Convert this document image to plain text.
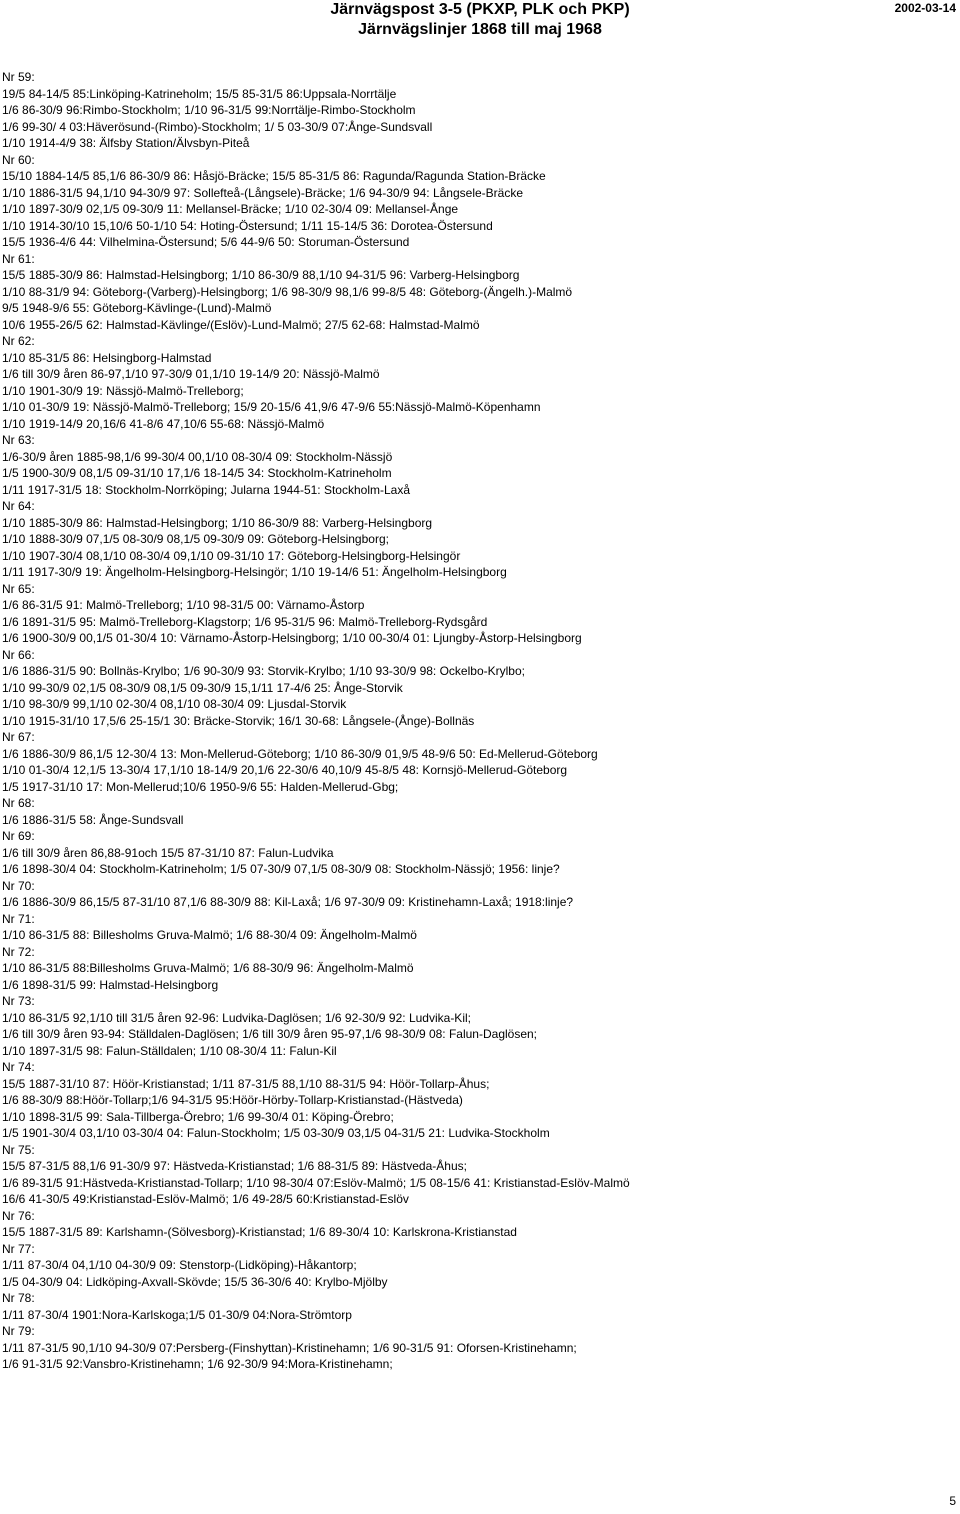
Järnvägspost 3-5 (PKXP, PLK och PKP)
Järnvägslinjer 1868 till maj 1968
2002-03-14
Nr 59:
19/5 84-14/5 85:Linköping-Katrineholm; 15/5 85-31/5 86:Uppsala-Norrtälje
1/6 86-30/9 96:Rimbo-Stockholm; 1/10 96-31/5 99:Norrtälje-Rimbo-Stockholm
1/6 99-30/ 4 03:Häverösund-(Rimbo)-Stockholm; 1/ 5 03-30/9 07:Ånge-Sundsvall
1/10 1914-4/9 38: Älfsby Station/Älvsbyn-Piteå
Nr 60:
15/10 1884-14/5 85,1/6 86-30/9 86: Håsjö-Bräcke; 15/5 85-31/5 86: Ragunda/Ragunda Station-Bräcke
1/10 1886-31/5 94,1/10 94-30/9 97: Sollefteå-(Långsele)-Bräcke; 1/6 94-30/9 94: Långsele-Bräcke
1/10 1897-30/9 02,1/5 09-30/9 11: Mellansel-Bräcke; 1/10 02-30/4 09: Mellansel-Ånge
1/10 1914-30/10 15,10/6 50-1/10 54: Hoting-Östersund; 1/11 15-14/5 36: Dorotea-Östersund
15/5 1936-4/6 44: Vilhelmina-Östersund; 5/6 44-9/6 50: Storuman-Östersund
Nr 61:
15/5 1885-30/9 86: Halmstad-Helsingborg; 1/10 86-30/9 88,1/10 94-31/5 96: Varberg-Helsingborg
1/10 88-31/9 94: Göteborg-(Varberg)-Helsingborg; 1/6 98-30/9 98,1/6 99-8/5 48: Göteborg-(Ängelh.)-Malmö
9/5 1948-9/6 55: Göteborg-Kävlinge-(Lund)-Malmö
10/6 1955-26/5 62: Halmstad-Kävlinge/(Eslöv)-Lund-Malmö; 27/5 62-68: Halmstad-Malmö
Nr 62:
1/10 85-31/5 86: Helsingborg-Halmstad
1/6 till 30/9 åren 86-97,1/10 97-30/9 01,1/10 19-14/9 20: Nässjö-Malmö
1/10 1901-30/9 19: Nässjö-Malmö-Trelleborg;
1/10 01-30/9 19: Nässjö-Malmö-Trelleborg; 15/9 20-15/6 41,9/6 47-9/6 55:Nässjö-Malmö-Köpenhamn
1/10 1919-14/9 20,16/6 41-8/6 47,10/6 55-68: Nässjö-Malmö
Nr 63:
1/6-30/9 åren 1885-98,1/6 99-30/4 00,1/10 08-30/4 09: Stockholm-Nässjö
1/5 1900-30/9 08,1/5 09-31/10 17,1/6 18-14/5 34: Stockholm-Katrineholm
1/11 1917-31/5 18: Stockholm-Norrköping; Jularna 1944-51: Stockholm-Laxå
Nr 64:
1/10 1885-30/9 86: Halmstad-Helsingborg; 1/10 86-30/9 88: Varberg-Helsingborg
1/10 1888-30/9 07,1/5 08-30/9 08,1/5 09-30/9 09: Göteborg-Helsingborg;
1/10 1907-30/4 08,1/10 08-30/4 09,1/10 09-31/10 17: Göteborg-Helsingborg-Helsingör
1/11 1917-30/9 19: Ängelholm-Helsingborg-Helsingör; 1/10 19-14/6 51: Ängelholm-Helsingborg
Nr 65:
1/6 86-31/5 91: Malmö-Trelleborg; 1/10 98-31/5 00: Värnamo-Åstorp
1/6 1891-31/5 95: Malmö-Trelleborg-Klagstorp; 1/6 95-31/5 96: Malmö-Trelleborg-Rydsgård
1/6 1900-30/9 00,1/5 01-30/4 10: Värnamo-Åstorp-Helsingborg; 1/10 00-30/4 01: Ljungby-Åstorp-Helsingborg
Nr 66:
1/6 1886-31/5 90: Bollnäs-Krylbo; 1/6 90-30/9 93: Storvik-Krylbo; 1/10 93-30/9 98: Ockelbo-Krylbo;
1/10 99-30/9 02,1/5 08-30/9 08,1/5 09-30/9 15,1/11 17-4/6 25: Ånge-Storvik
1/10 98-30/9 99,1/10 02-30/4 08,1/10 08-30/4 09: Ljusdal-Storvik
1/10 1915-31/10 17,5/6 25-15/1 30: Bräcke-Storvik; 16/1 30-68: Långsele-(Ånge)-Bollnäs
Nr 67:
1/6 1886-30/9 86,1/5 12-30/4 13: Mon-Mellerud-Göteborg; 1/10 86-30/9 01,9/5 48-9/6 50: Ed-Mellerud-Göteborg
1/10 01-30/4 12,1/5 13-30/4 17,1/10 18-14/9 20,1/6 22-30/6 40,10/9 45-8/5 48: Kornsjö-Mellerud-Göteborg
1/5 1917-31/10 17: Mon-Mellerud;10/6 1950-9/6 55: Halden-Mellerud-Gbg;
Nr 68:
1/6 1886-31/5 58: Ånge-Sundsvall
Nr 69:
1/6 till 30/9 åren 86,88-91och 15/5 87-31/10 87: Falun-Ludvika
1/6 1898-30/4 04: Stockholm-Katrineholm; 1/5 07-30/9 07,1/5 08-30/9 08: Stockholm-Nässjö; 1956: linje?
Nr 70:
1/6 1886-30/9 86,15/5 87-31/10 87,1/6 88-30/9 88: Kil-Laxå; 1/6 97-30/9 09: Kristinehamn-Laxå; 1918:linje?
Nr 71:
1/10 86-31/5 88: Billesholms Gruva-Malmö; 1/6 88-30/4 09: Ängelholm-Malmö
Nr 72:
1/10 86-31/5 88:Billesholms Gruva-Malmö; 1/6 88-30/9 96: Ängelholm-Malmö
1/6 1898-31/5 99: Halmstad-Helsingborg
Nr 73:
1/10 86-31/5 92,1/10 till 31/5 åren 92-96: Ludvika-Daglösen; 1/6 92-30/9 92: Ludvika-Kil;
1/6 till 30/9 åren 93-94: Ställdalen-Daglösen; 1/6 till 30/9 åren 95-97,1/6 98-30/9 08: Falun-Daglösen;
1/10 1897-31/5 98: Falun-Ställdalen; 1/10 08-30/4 11: Falun-Kil
Nr 74:
15/5 1887-31/10 87: Höör-Kristianstad; 1/11 87-31/5 88,1/10 88-31/5 94: Höör-Tollarp-Åhus;
1/6 88-30/9 88:Höör-Tollarp;1/6 94-31/5 95:Höör-Hörby-Tollarp-Kristianstad-(Hästveda)
1/10 1898-31/5 99: Sala-Tillberga-Örebro; 1/6 99-30/4 01: Köping-Örebro;
1/5 1901-30/4 03,1/10 03-30/4 04: Falun-Stockholm; 1/5 03-30/9 03,1/5 04-31/5 21: Ludvika-Stockholm
Nr 75:
15/5 87-31/5 88,1/6 91-30/9 97: Hästveda-Kristianstad; 1/6 88-31/5 89: Hästveda-Åhus;
1/6 89-31/5 91:Hästveda-Kristianstad-Tollarp; 1/10 98-30/4 07:Eslöv-Malmö; 1/5 08-15/6 41: Kristianstad-Eslöv-Malmö
16/6 41-30/5 49:Kristianstad-Eslöv-Malmö; 1/6 49-28/5 60:Kristianstad-Eslöv
Nr 76:
15/5 1887-31/5 89: Karlshamn-(Sölvesborg)-Kristianstad; 1/6 89-30/4 10: Karlskrona-Kristianstad
Nr 77:
1/11 87-30/4 04,1/10 04-30/9 09: Stenstorp-(Lidköping)-Håkantorp;
1/5 04-30/9 04: Lidköping-Axvall-Skövde; 15/5 36-30/6 40: Krylbo-Mjölby
Nr 78:
1/11 87-30/4 1901:Nora-Karlskoga;1/5 01-30/9 04:Nora-Strömtorp
Nr 79:
1/11 87-31/5 90,1/10 94-30/9 07:Persberg-(Finshyttan)-Kristinehamn; 1/6 90-31/5 91: Oforsen-Kristinehamn;
1/6 91-31/5 92:Vansbro-Kristinehamn; 1/6 92-30/9 94:Mora-Kristinehamn;
5
